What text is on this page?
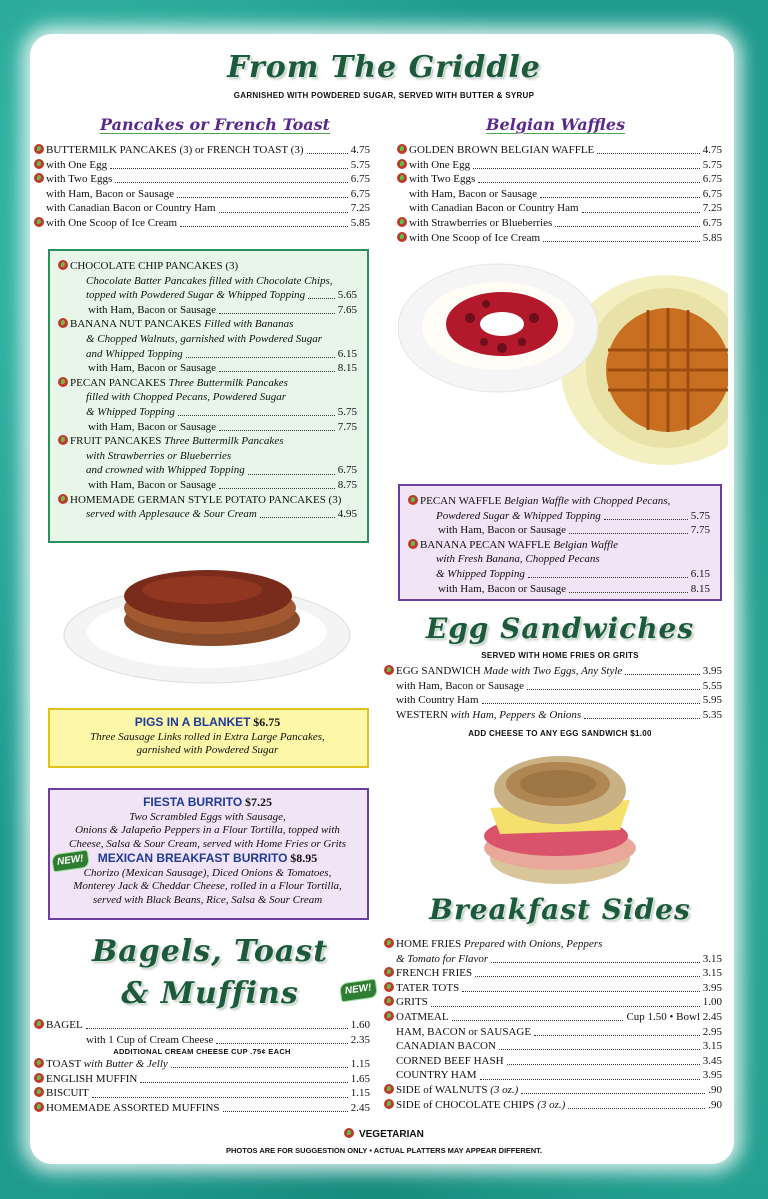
From The Griddle
GARNISHED WITH POWDERED SUGAR, SERVED WITH BUTTER & SYRUP
Pancakes or French Toast
BUTTERMILK PANCAKES (3) or FRENCH TOAST (3)	4.75
with One Egg	5.75
with Two Eggs	6.75
with Ham, Bacon or Sausage	6.75
with Canadian Bacon or Country Ham	7.25
with One Scoop of Ice Cream	5.85
CHOCOLATE CHIP PANCAKES (3)
Chocolate Batter Pancakes filled with Chocolate Chips,
topped with Powdered Sugar & Whipped Topping	5.65
with Ham, Bacon or Sausage	7.65
BANANA NUT PANCAKES Filled with Bananas
& Chopped Walnuts, garnished with Powdered Sugar
and Whipped Topping	6.15
with Ham, Bacon or Sausage	8.15
PECAN PANCAKES Three Buttermilk Pancakes
filled with Chopped Pecans, Powdered Sugar
& Whipped Topping	5.75
with Ham, Bacon or Sausage	7.75
FRUIT PANCAKES Three Buttermilk Pancakes
with Strawberries or Blueberries
and crowned with Whipped Topping	6.75
with Ham, Bacon or Sausage	8.75
HOMEMADE GERMAN STYLE POTATO PANCAKES (3)
served with Applesauce & Sour Cream	4.95
PIGS IN A BLANKET $6.75
Three Sausage Links rolled in Extra Large Pancakes,
garnished with Powdered Sugar
FIESTA BURRITO $7.25
Two Scrambled Eggs with Sausage,
Onions & Jalapeño Peppers in a Flour Tortilla, topped with
Cheese, Salsa & Sour Cream, served with Home Fries or Grits
NEW!	MEXICAN BREAKFAST BURRITO $8.95
Chorizo (Mexican Sausage), Diced Onions & Tomatoes,
Monterey Jack & Cheddar Cheese, rolled in a Flour Tortilla,
served with Black Beans, Rice, Salsa & Sour Cream
Bagels, Toast
& Muffins
BAGEL	1.60
with 1 Cup of Cream Cheese	2.35
ADDITIONAL CREAM CHEESE CUP .75¢ EACH
TOAST with Butter & Jelly	1.15
ENGLISH MUFFIN	1.65
BISCUIT	1.15
HOMEMADE ASSORTED MUFFINS	2.45
Belgian Waffles
GOLDEN BROWN BELGIAN WAFFLE	4.75
with One Egg	5.75
with Two Eggs	6.75
with Ham, Bacon or Sausage	6.75
with Canadian Bacon or Country Ham	7.25
with Strawberries or Blueberries	6.75
with One Scoop of Ice Cream	5.85
PECAN WAFFLE Belgian Waffle with Chopped Pecans,
Powdered Sugar & Whipped Topping	5.75
with Ham, Bacon or Sausage	7.75
BANANA PECAN WAFFLE Belgian Waffle
with Fresh Banana, Chopped Pecans
& Whipped Topping	6.15
with Ham, Bacon or Sausage	8.15
Egg Sandwiches
SERVED WITH HOME FRIES OR GRITS
EGG SANDWICH Made with Two Eggs, Any Style	3.95
with Ham, Bacon or Sausage	5.55
with Country Ham	5.95
WESTERN with Ham, Peppers & Onions	5.35
ADD CHEESE TO ANY EGG SANDWICH $1.00
Breakfast Sides
HOME FRIES Prepared with Onions, Peppers
& Tomato for Flavor	3.15
FRENCH FRIES	3.15
TATER TOTS	3.95
NEW!
GRITS	1.00
OATMEAL	Cup 1.50 • Bowl 2.45
HAM, BACON or SAUSAGE	2.95
CANADIAN BACON	3.15
CORNED BEEF HASH	3.45
COUNTRY HAM	3.95
SIDE of WALNUTS (3 oz.)	.90
SIDE of CHOCOLATE CHIPS (3 oz.)	.90
VEGETARIAN
PHOTOS ARE FOR SUGGESTION ONLY • ACTUAL PLATTERS MAY APPEAR DIFFERENT.
